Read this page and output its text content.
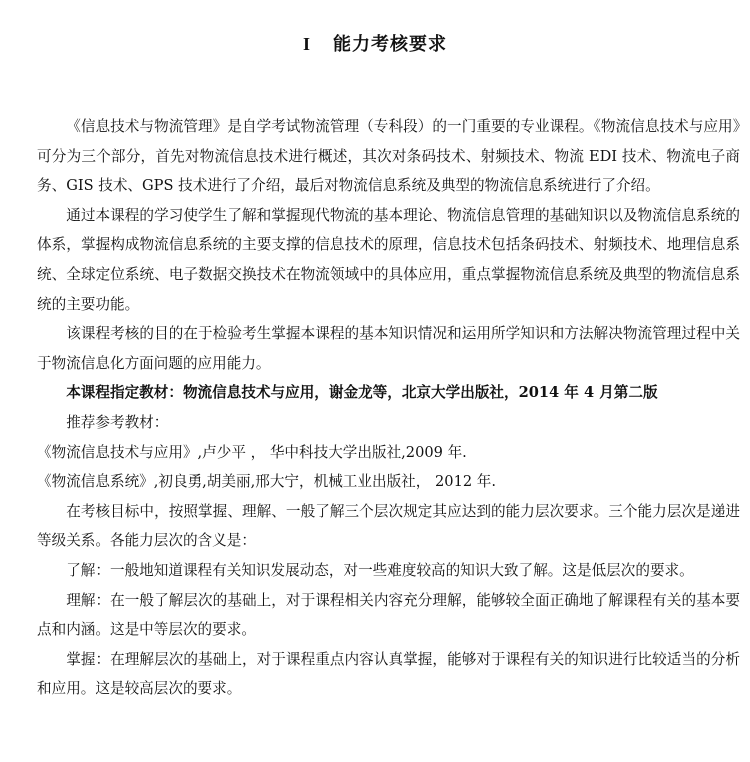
I 能力考核要求

《信息技术与物流管理》是自学考试物流管理（专科段）的一门重要的专业课程。《物流信息技术与应用》可分为三个部分，首先对物流信息技术进行概述，其次对条码技术、射频技术、物流 EDI 技术、物流电子商务、GIS 技术、GPS 技术进行了介绍，最后对物流信息系统及典型的物流信息系统进行了介绍。

通过本课程的学习使学生了解和掌握现代物流的基本理论、物流信息管理的基础知识以及物流信息系统的体系，掌握构成物流信息系统的主要支撑的信息技术的原理，信息技术包括条码技术、射频技术、地理信息系统、全球定位系统、电子数据交换技术在物流领域中的具体应用，重点掌握物流信息系统及典型的物流信息系统的主要功能。

该课程考核的目的在于检验考生掌握本课程的基本知识情况和运用所学知识和方法解决物流管理过程中关于物流信息化方面问题的应用能力。

本课程指定教材：物流信息技术与应用，谢金龙等，北京大学出版社，2014 年 4 月第二版

推荐参考教材：

《物流信息技术与应用》,卢少平 ， 华中科技大学出版社,2009 年.

《物流信息系统》,初良勇,胡美丽,邢大宁，机械工业出版社， 2012 年.

在考核目标中，按照掌握、理解、一般了解三个层次规定其应达到的能力层次要求。三个能力层次是递进等级关系。各能力层次的含义是：

了解：一般地知道课程有关知识发展动态，对一些难度较高的知识大致了解。这是低层次的要求。

理解：在一般了解层次的基础上，对于课程相关内容充分理解，能够较全面正确地了解课程有关的基本要点和内涵。这是中等层次的要求。

掌握：在理解层次的基础上，对于课程重点内容认真掌握，能够对于课程有关的知识进行比较适当的分析和应用。这是较高层次的要求。
